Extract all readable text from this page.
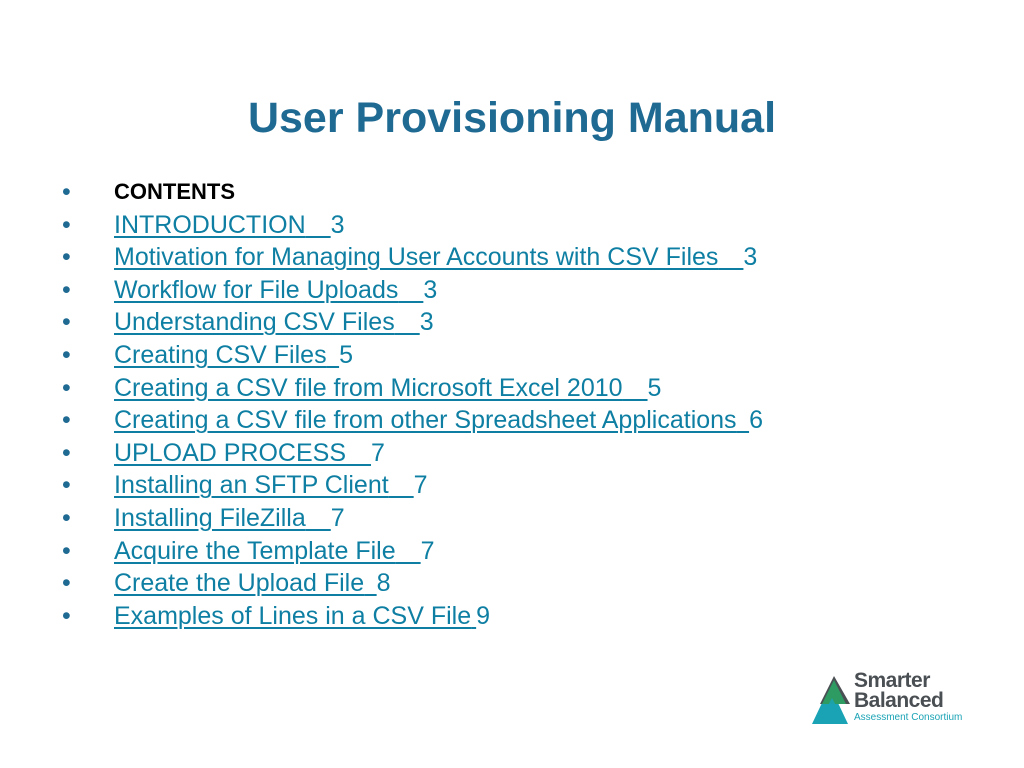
User Provisioning Manual
• CONTENTS
• INTRODUCTION  3
• Motivation for Managing User Accounts with CSV Files  3
• Workflow for File Uploads  3
• Understanding CSV Files  3
• Creating CSV Files  5
• Creating a CSV file from Microsoft Excel 2010  5
• Creating a CSV file from other Spreadsheet Applications  6
• UPLOAD PROCESS  7
• Installing an SFTP Client  7
• Installing FileZilla  7
• Acquire the Template File  7
• Create the Upload File  8
• Examples of Lines in a CSV File  9
Smarter
Balanced
Assessment Consortium
